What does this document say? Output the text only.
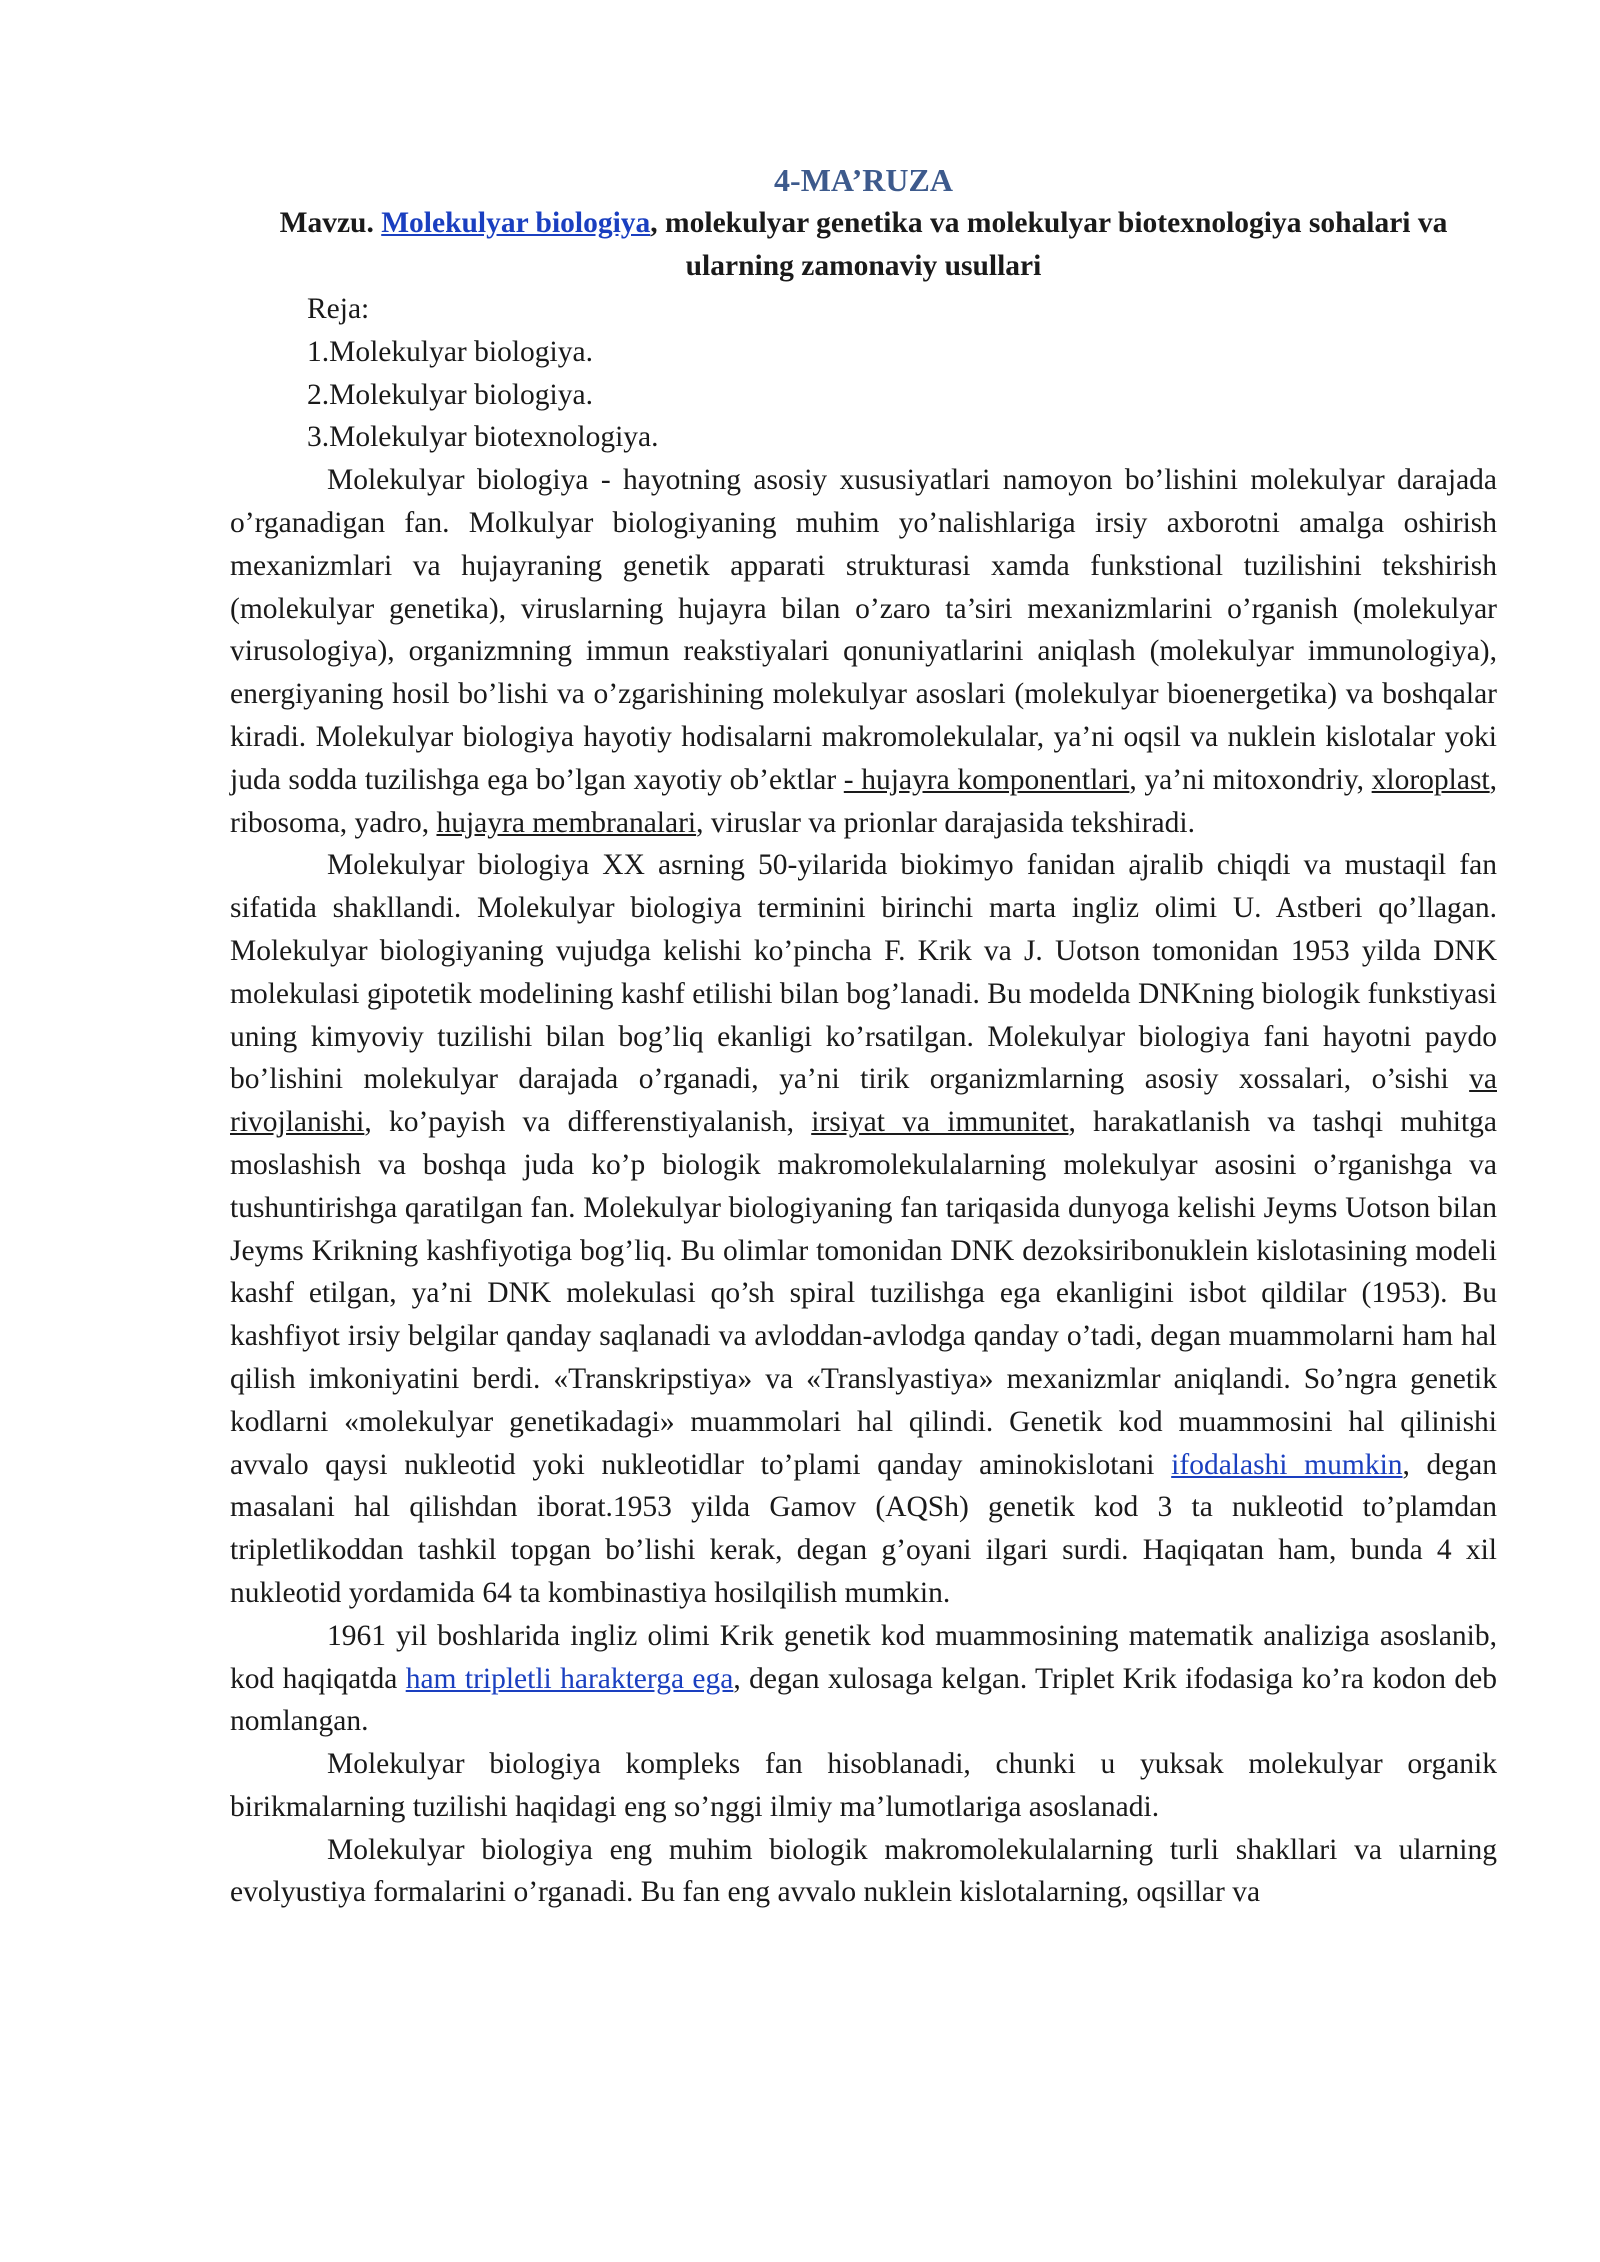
4-MA’RUZA
Mavzu. Molekulyar biologiya, molekulyar genetika va molekulyar biotexnologiya sohalari va ularning zamonaviy usullari
Reja:
1.Molekulyar biologiya.
2.Molekulyar biologiya.
3.Molekulyar biotexnologiya.

Molekulyar biologiya - hayotning asosiy xususiyatlari namoyon bo’lishini molekulyar darajada o’rganadigan fan. Molkulyar biologiyaning muhim yo’nalishlariga irsiy axborotni amalga oshirish mexanizmlari va hujayraning genetik apparati strukturasi xamda funkstional tuzilishini tekshirish (molekulyar genetika), viruslarning hujayra bilan o’zaro ta’siri mexanizmlarini o’rganish (molekulyar virusologiya), organizmning immun reakstiyalari qonuniyatlarini aniqlash (molekulyar immunologiya), energiyaning hosil bo’lishi va o’zgarishining molekulyar asoslari (molekulyar bioenergetika) va boshqalar kiradi. Molekulyar biologiya hayotiy hodisalarni makromolekulalar, ya’ni oqsil va nuklein kislotalar yoki juda sodda tuzilishga ega bo’lgan xayotiy ob’ektlar - hujayra komponentlari, ya’ni mitoxondriy, xloroplast, ribosoma, yadro, hujayra membranalari, viruslar va prionlar darajasida tekshiradi.

Molekulyar biologiya XX asrning 50-yilarida biokimyo fanidan ajralib chiqdi va mustaqil fan sifatida shakllandi. Molekulyar biologiya terminini birinchi marta ingliz olimi U. Astberi qo’llagan. Molekulyar biologiyaning vujudga kelishi ko’pincha F. Krik va J. Uotson tomonidan 1953 yilda DNK molekulasi gipotetik modelining kashf etilishi bilan bog’lanadi. Bu modelda DNKning biologik funkstiyasi uning kimyoviy tuzilishi bilan bog’liq ekanligi ko’rsatilgan. Molekulyar biologiya fani hayotni paydo bo’lishini molekulyar darajada o’rganadi, ya’ni tirik organizmlarning asosiy xossalari, o’sishi va rivojlanishi, ko’payish va differenstiyalanish, irsiyat va immunitet, harakatlanish va tashqi muhitga moslashish va boshqa juda ko’p biologik makromolekulalarning molekulyar asosini o’rganishga va tushuntirishga qaratilgan fan. Molekulyar biologiyaning fan tariqasida dunyoga kelishi Jeyms Uotson bilan Jeyms Krikning kashfiyotiga bog’liq. Bu olimlar tomonidan DNK dezoksiribonuklein kislotasining modeli kashf etilgan, ya’ni DNK molekulasi qo’sh spiral tuzilishga ega ekanligini isbot qildilar (1953). Bu kashfiyot irsiy belgilar qanday saqlanadi va avloddan-avlodga qanday o’tadi, degan muammolarni ham hal qilish imkoniyatini berdi. «Transkripstiya» va «Translyastiya» mexanizmlar aniqlandi. So’ngra genetik kodlarni «molekulyar genetikadagi» muammolari hal qilindi. Genetik kod muammosini hal qilinishi avvalo qaysi nukleotid yoki nukleotidlar to’plami qanday aminokislotani ifodalashi mumkin, degan masalani hal qilishdan iborat.1953 yilda Gamov (AQSh) genetik kod 3 ta nukleotid to’plamdan tripletlikoddan tashkil topgan bo’lishi kerak, degan g’oyani ilgari surdi. Haqiqatan ham, bunda 4 xil nukleotid yordamida 64 ta kombinastiya hosilqilish mumkin.

1961 yil boshlarida ingliz olimi Krik genetik kod muammosining matematik analiziga asoslanib, kod haqiqatda ham tripletli harakterga ega, degan xulosaga kelgan. Triplet Krik ifodasiga ko’ra kodon deb nomlangan.

Molekulyar biologiya kompleks fan hisoblanadi, chunki u yuksak molekulyar organik birikmalarning tuzilishi haqidagi eng so’nggi ilmiy ma’lumotlariga asoslanadi.

Molekulyar biologiya eng muhim biologik makromolekulalarning turli shakllari va ularning evolyustiya formalarini o’rganadi. Bu fan eng avvalo nuklein kislotalarning, oqsillar va
